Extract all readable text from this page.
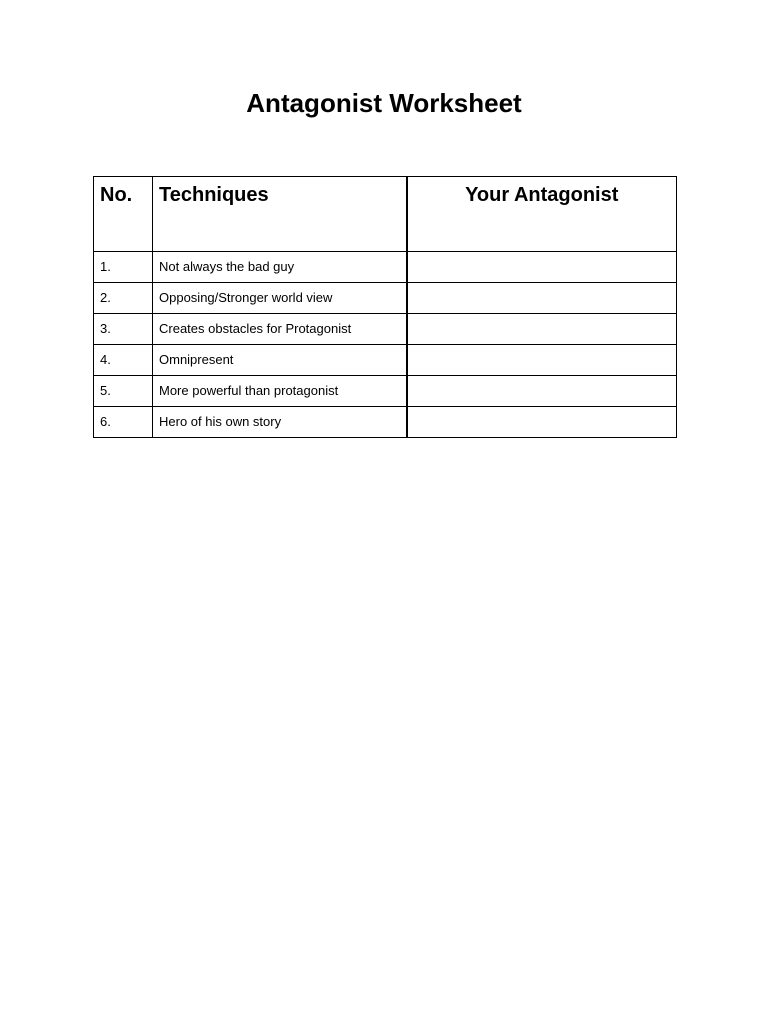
Antagonist Worksheet
No.	Techniques	Your Antagonist
1.	Not always the bad guy	
2.	Opposing/Stronger world view	
3.	Creates obstacles for Protagonist	
4.	Omnipresent	
5.	More powerful than protagonist	
6.	Hero of his own story	
